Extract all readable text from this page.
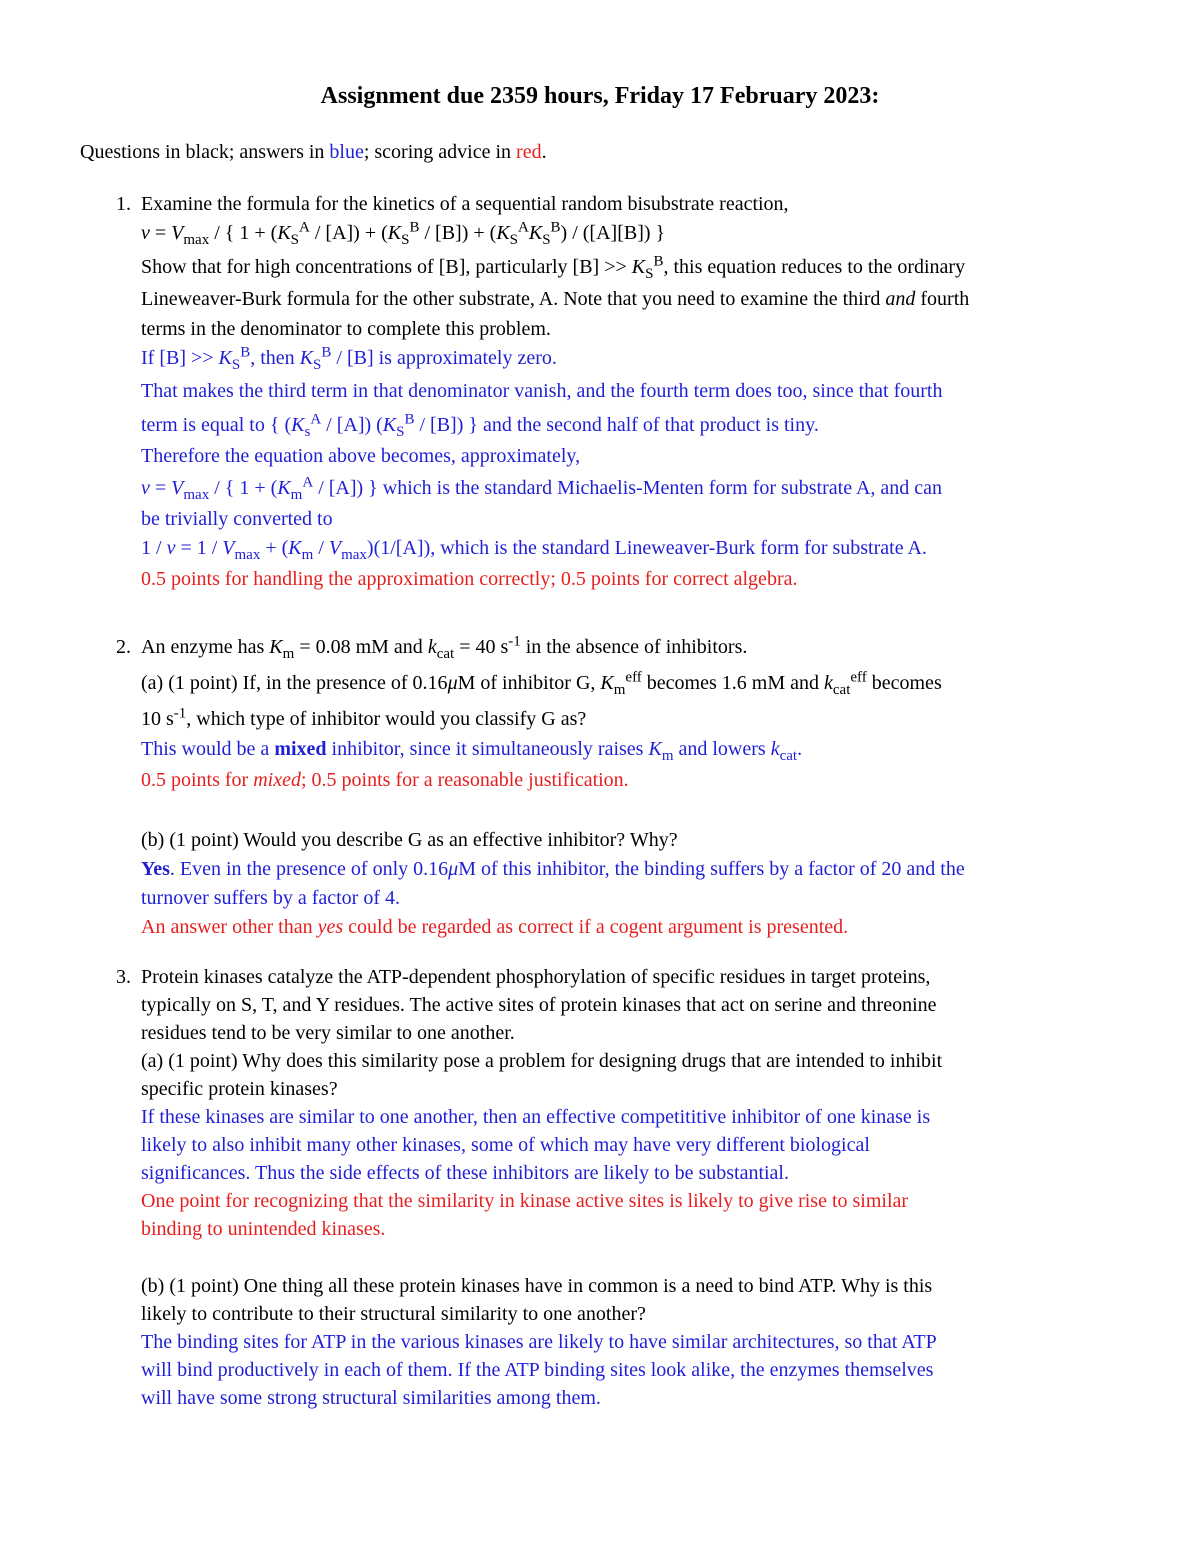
Assignment due 2359 hours, Friday 17 February 2023:
Questions in black; answers in blue; scoring advice in red.
1. Examine the formula for the kinetics of a sequential random bisubstrate reaction,
$v = V_{max}$ / { $1 + (K_S^A / [A]) + (K_S^B / [B]) + (K_S^AK_S^B) / ([A][B])$ }
Show that for high concentrations of [B], particularly $[B] >> K_S^B$, this equation reduces to the ordinary
Lineweaver-Burk formula for the other substrate, A. Note that you need to examine the third and fourth
terms in the denominator to complete this problem.
If $[B] >> K_S^B$, then $K_S^B / [B]$ is approximately zero.
That makes the third term in that denominator vanish, and the fourth term does too, since that fourth
term is equal to { $(K_s^A / [A])$ $(K_S^B / [B])$ } and the second half of that product is tiny.
Therefore the equation above becomes, approximately,
$v = V_{max}$ / { $1 + (K_m^A / [A])$ } which is the standard Michaelis-Menten form for substrate A, and can
be trivially converted to
$1 / v = 1 / V_{max} + (K_m / V_{max})(1/[A])$, which is the standard Lineweaver-Burk form for substrate A.
0.5 points for handling the approximation correctly; 0.5 points for correct algebra.
2. An enzyme has $K_m = 0.08$ mM and $k_{cat} = 40$ $s^{-1}$ in the absence of inhibitors.
(a) (1 point) If, in the presence of 0.16μM of inhibitor G, $K_m^{eff}$ becomes 1.6 mM and $k_{cat}^{eff}$ becomes
10 $s^{-1}$, which type of inhibitor would you classify G as?
This would be a mixed inhibitor, since it simultaneously raises $K_m$ and lowers $k_{cat}$.
0.5 points for mixed; 0.5 points for a reasonable justification.
(b) (1 point) Would you describe G as an effective inhibitor? Why?
Yes. Even in the presence of only 0.16μM of this inhibitor, the binding suffers by a factor of 20 and the
turnover suffers by a factor of 4.
An answer other than yes could be regarded as correct if a cogent argument is presented.
3. Protein kinases catalyze the ATP-dependent phosphorylation of specific residues in target proteins,
typically on S, T, and Y residues. The active sites of protein kinases that act on serine and threonine
residues tend to be very similar to one another.
(a) (1 point) Why does this similarity pose a problem for designing drugs that are intended to inhibit
specific protein kinases?
If these kinases are similar to one another, then an effective competititive inhibitor of one kinase is
likely to also inhibit many other kinases, some of which may have very different biological
significances. Thus the side effects of these inhibitors are likely to be substantial.
One point for recognizing that the similarity in kinase active sites is likely to give rise to similar
binding to unintended kinases.
(b) (1 point) One thing all these protein kinases have in common is a need to bind ATP. Why is this
likely to contribute to their structural similarity to one another?
The binding sites for ATP in the various kinases are likely to have similar architectures, so that ATP
will bind productively in each of them. If the ATP binding sites look alike, the enzymes themselves
will have some strong structural similarities among them.
